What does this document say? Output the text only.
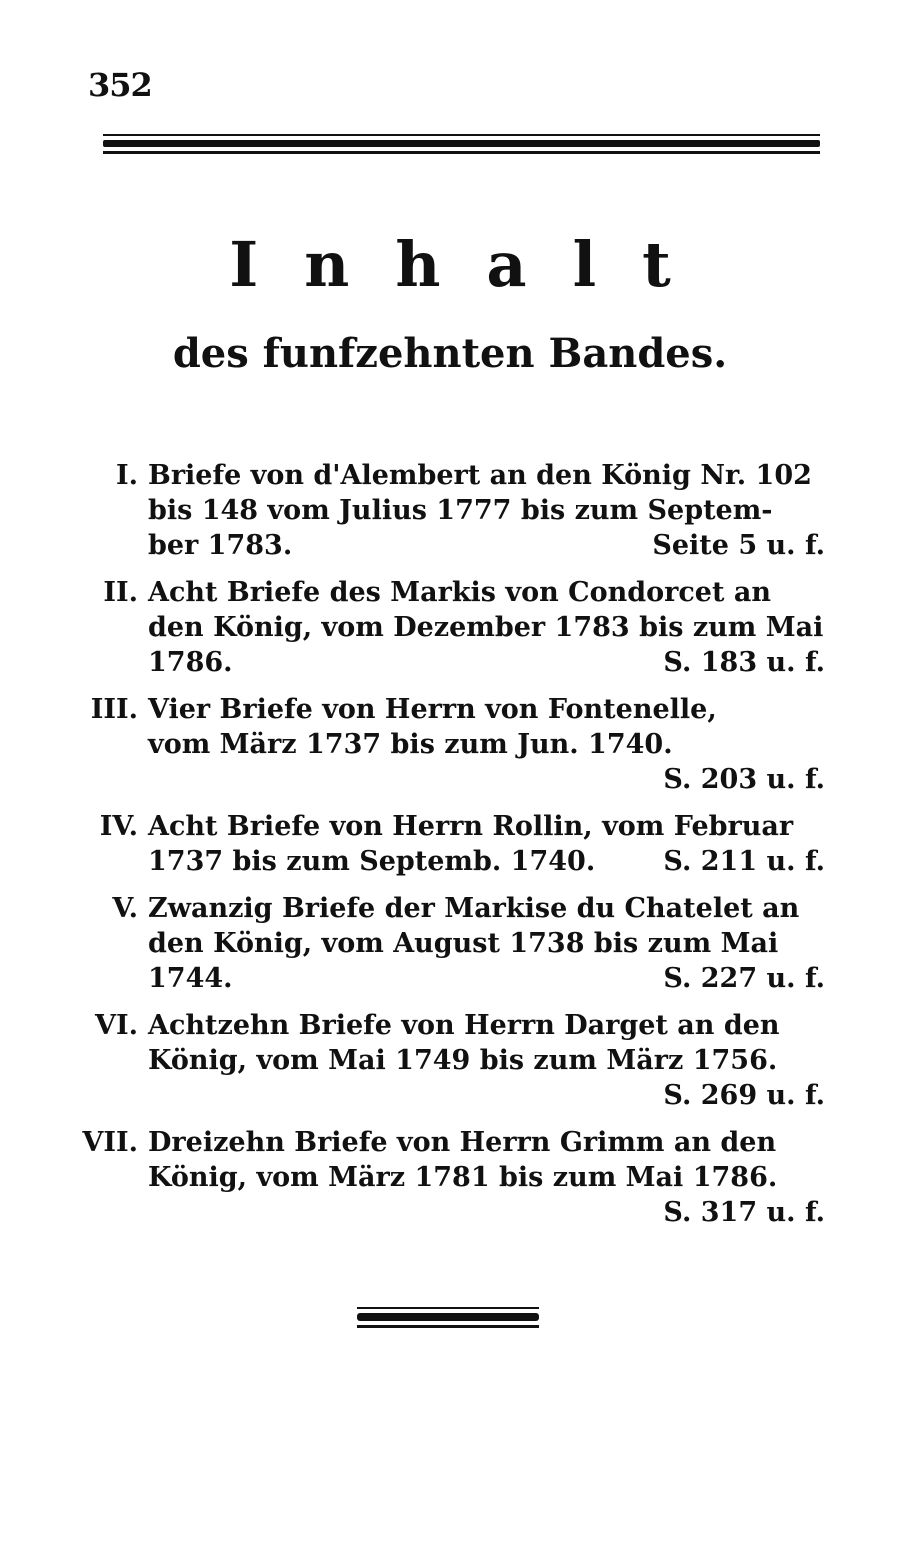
352
Inhalt
des funfzehnten Bandes.
I. Briefe von d'Alembert an den König Nr. 102
bis 148 vom Julius 1777 bis zum Septem-
ber 1783.	Seite 5 u. f.
II. Acht Briefe des Markis von Condorcet an
den König, vom Dezember 1783 bis zum Mai
1786.	S. 183 u. f.
III. Vier Briefe von Herrn von Fontenelle,
vom März 1737 bis zum Jun. 1740.
S. 203 u. f.
IV. Acht Briefe von Herrn Rollin, vom Februar
1737 bis zum Septemb. 1740.	S. 211 u. f.
V. Zwanzig Briefe der Markise du Chatelet an
den König, vom August 1738 bis zum Mai
1744.	S. 227 u. f.
VI. Achtzehn Briefe von Herrn Darget an den
König, vom Mai 1749 bis zum März 1756.
S. 269 u. f.
VII. Dreizehn Briefe von Herrn Grimm an den
König, vom März 1781 bis zum Mai 1786.
S. 317 u. f.
